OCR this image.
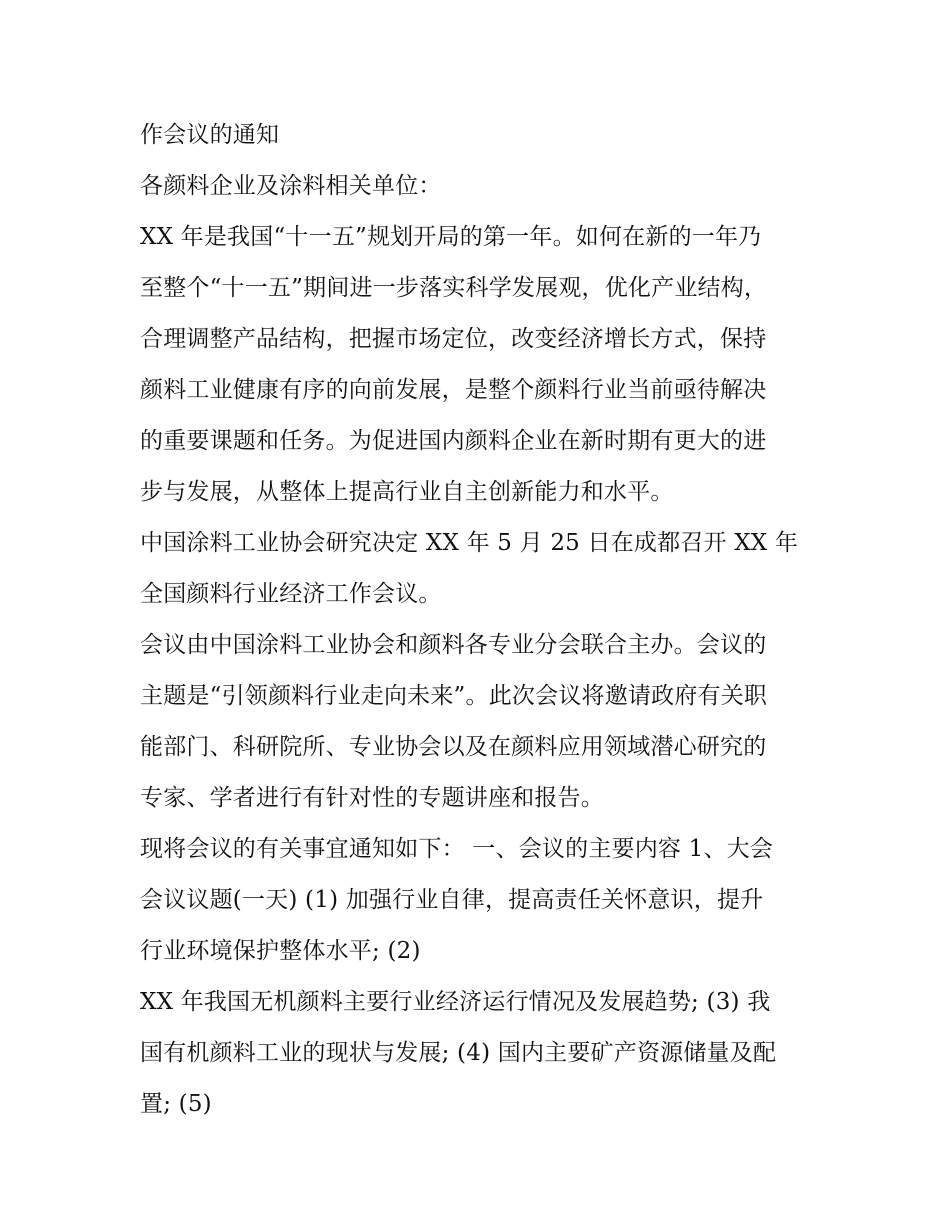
作会议的通知

各颜料企业及涂料相关单位：

XX 年是我国“十一五”规划开局的第一年。如何在新的一年乃
至整个“十一五”期间进一步落实科学发展观，优化产业结构，
合理调整产品结构，把握市场定位，改变经济增长方式，保持
颜料工业健康有序的向前发展，是整个颜料行业当前亟待解决
的重要课题和任务。为促进国内颜料企业在新时期有更大的进
步与发展，从整体上提高行业自主创新能力和水平。

中国涂料工业协会研究决定 XX 年 5 月 25 日在成都召开 XX 年
全国颜料行业经济工作会议。

会议由中国涂料工业协会和颜料各专业分会联合主办。会议的
主题是“引领颜料行业走向未来”。此次会议将邀请政府有关职
能部门、科研院所、专业协会以及在颜料应用领域潜心研究的
专家、学者进行有针对性的专题讲座和报告。

现将会议的有关事宜通知如下： 一、会议的主要内容 1、大会
会议议题(一天) (1) 加强行业自律，提高责任关怀意识，提升
行业环境保护整体水平; (2)

XX 年我国无机颜料主要行业经济运行情况及发展趋势; (3) 我
国有机颜料工业的现状与发展; (4) 国内主要矿产资源储量及配
置; (5)
